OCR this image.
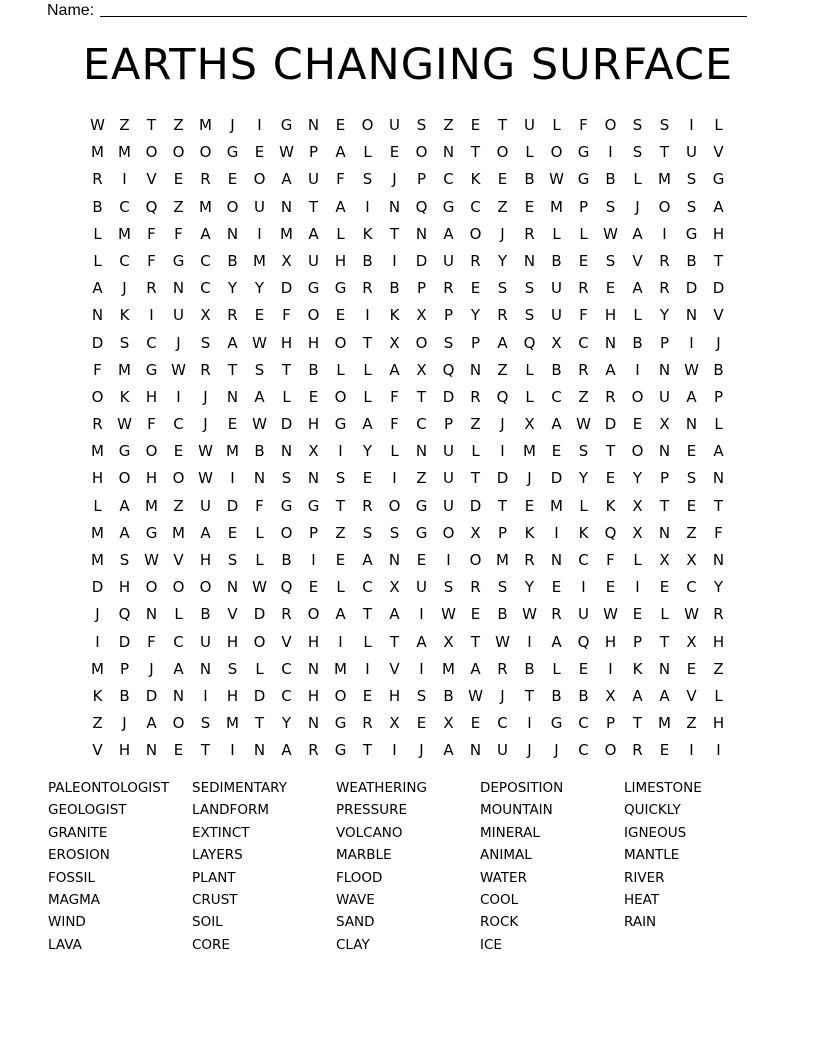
Name:
EARTHS CHANGING SURFACE
W Z	T	Z	M	J	I	G	N	E	O	U	S	Z	E	T	U	L	F	O	S	S	I	L
M M O	O	O	G	E W	P	A	L	E	O	N	T	O	L	O	G	I	S	T	U	V
R	I	V	E	R	E	O	A	U	F	S	J	P	C	K	E	B W G	B	L	M	S	G
B	C	Q	Z	M O	U	N	T	A	I	N	Q	G	C	Z	E	M	P	S	J	O	S	A
L	M	F	F	A	N	I	M	A	L	K	T	N	A	O	J	R	L	L	W A	I	G	H
L	C	F	G	C	B	M	X	U	H	B	I	D	U	R	Y	N	B	E	S	V	R	B	T
A	J	R	N	C	Y	Y	D	G	G	R	B	P	R	E	S	S	U	R	E	A	R	D	D
N	K	I	U	X	R	E	F	O	E	I	K	X	P	Y	R	S	U	F	H	L	Y	N	V
D	S	C	J	S	A W H	H	O	T	X	O	S	P	A	Q	X	C	N	B	P	I	J
F	M G W R	T	S	T	B	L	L	A	X	Q	N	Z	L	B	R	A	I	N W B
O	K	H	I	J	N	A	L	E	O	L	F	T	D	R	Q	L	C	Z	R	O	U	A	P
R W	F	C	J	E W D	H	G	A	F	C	P	Z	J	X	A W D	E	X	N	L
M G	O	E W M	B	N	X	I	Y	L	N	U	L	I	M	E	S	T	O	N	E	A
H	O	H	O W	I	N	S	N	S	E	I	Z	U	T	D	J	D	Y	E	Y	P	S	N
L	A	M	Z	U	D	F	G	G	T	R	O	G	U	D	T	E	M	L	K	X	T	E	T
M	A	G M	A	E	L	O	P	Z	S	S	G	O	X	P	K	I	K	Q	X	N	Z	F
M	S W V	H	S	L	B	I	E	A	N	E	I	O M	R	N	C	F	L	X	X	N
D	H	O	O	O	N W Q	E	L	C	X	U	S	R	S	Y	E	I	E	I	E	C	Y
J	Q	N	L	B	V	D	R	O	A	T	A	I	W E	B W R	U W E	L	W R
I	D	F	C	U	H	O	V	H	I	L	T	A	X	T	W	I	A	Q	H	P	T	X	H
M	P	J	A	N	S	L	C	N M	I	V	I	M	A	R	B	L	E	I	K	N	E	Z
K	B	D	N	I	H	D	C	H	O	E	H	S	B W	J	T	B	B	X	A	A	V	L
Z	J	A	O	S	M	T	Y	N	G	R	X	E	X	E	C	I	G	C	P	T	M	Z	H
V	H	N	E	T	I	N	A	R	G	T	I	J	A	N	U	J	J	C	O	R	E	I	I
PALEONTOLOGIST
GEOLOGIST
GRANITE
EROSION
FOSSIL
MAGMA
WIND
LAVA
SEDIMENTARY
LANDFORM
EXTINCT
LAYERS
PLANT
CRUST
SOIL
CORE
WEATHERING
PRESSURE
VOLCANO
MARBLE
FLOOD
WAVE
SAND
CLAY
DEPOSITION
MOUNTAIN
MINERAL
ANIMAL
WATER
COOL
ROCK
ICE
LIMESTONE
QUICKLY
IGNEOUS
MANTLE
RIVER
HEAT
RAIN
